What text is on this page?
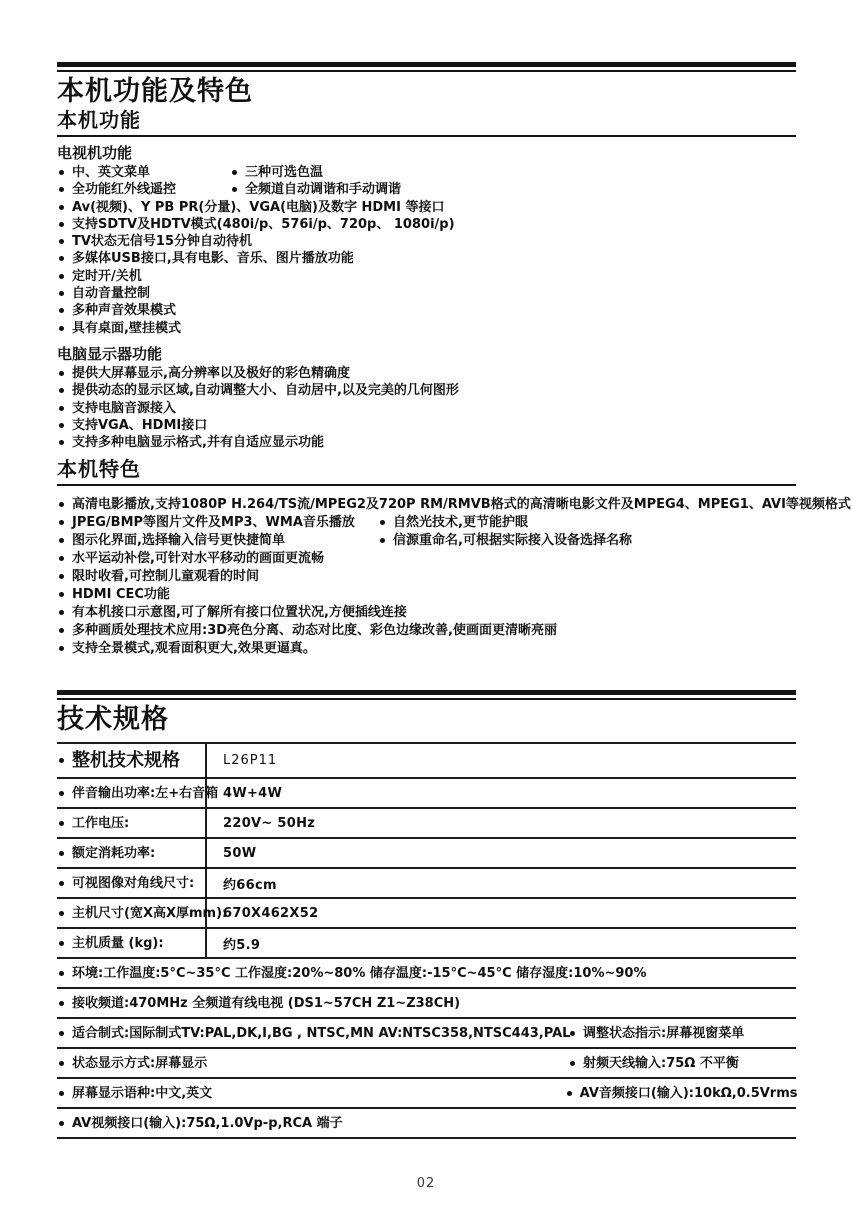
本机功能及特色
本机功能
电视机功能
中、英文菜单	三种可选色温
全功能红外线遥控	全频道自动调谐和手动调谐
Av(视频)、Y PB PR(分量)、VGA(电脑)及数字 HDMI 等接口
支持SDTV及HDTV模式(480i/p、576i/p、720p、 1080i/p)
TV状态无信号15分钟自动待机
多媒体USB接口,具有电影、音乐、图片播放功能
定时开/关机
自动音量控制
多种声音效果模式
具有桌面,壁挂模式
电脑显示器功能
提供大屏幕显示,高分辨率以及极好的彩色精确度
提供动态的显示区域,自动调整大小、自动居中,以及完美的几何图形
支持电脑音源接入
支持VGA、HDMI接口
支持多种电脑显示格式,并有自适应显示功能
本机特色
高清电影播放,支持1080P H.264/TS流/MPEG2及720P RM/RMVB格式的高清晰电影文件及MPEG4、MPEG1、AVI等视频格式
JPEG/BMP等图片文件及MP3、WMA音乐播放	自然光技术,更节能护眼
图示化界面,选择输入信号更快捷简单	信源重命名,可根据实际接入设备选择名称
水平运动补偿,可针对水平移动的画面更流畅
限时收看,可控制儿童观看的时间
HDMI CEC功能
有本机接口示意图,可了解所有接口位置状况,方便插线连接
多种画质处理技术应用:3D亮色分离、动态对比度、彩色边缘改善,使画面更清晰亮丽
支持全景模式,观看面积更大,效果更逼真。
技术规格
整机技术规格	L26P11
伴音输出功率:左+右音箱 4W+4W
工作电压:	220V~ 50Hz
额定消耗功率:	50W
可视图像对角线尺寸: 约66cm
主机尺寸(宽X高X厚mm):
670X462X52
主机质量 (kg):	约5.9
环境:工作温度:5°C~35°C 工作湿度:20%~80% 储存温度:-15°C~45°C 储存湿度:10%~90%
接收频道:470MHz 全频道有线电视 (DS1~57CH Z1~Z38CH)
适合制式:国际制式TV:PAL,DK,I,BG , NTSC,MN AV:NTSC358,NTSC443,PAL 调整状态指示:屏幕视窗菜单
状态显示方式:屏幕显示	射频天线输入:75Ω 不平衡
屏幕显示语种:中文,英文	AV音频接口(输入):10kΩ,0.5Vrms
AV视频接口(输入):75Ω,1.0Vp-p,RCA 端子
02
